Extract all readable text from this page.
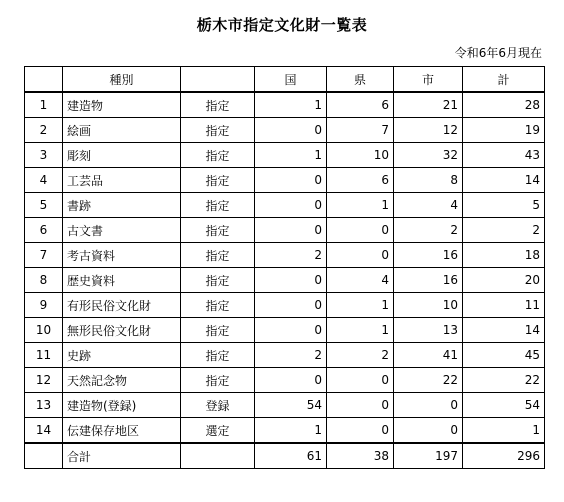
栃木市指定文化財一覧表
令和6年6月現在
	種別		国	県	市	計
1	建造物	指定	1	6	21	28
2	絵画	指定	0	7	12	19
3	彫刻	指定	1	10	32	43
4	工芸品	指定	0	6	8	14
5	書跡	指定	0	1	4	5
6	古文書	指定	0	0	2	2
7	考古資料	指定	2	0	16	18
8	歴史資料	指定	0	4	16	20
9	有形民俗文化財	指定	0	1	10	11
10	無形民俗文化財	指定	0	1	13	14
11	史跡	指定	2	2	41	45
12	天然記念物	指定	0	0	22	22
13	建造物(登録)	登録	54	0	0	54
14	伝建保存地区	選定	1	0	0	1
	合計		61	38	197	296
